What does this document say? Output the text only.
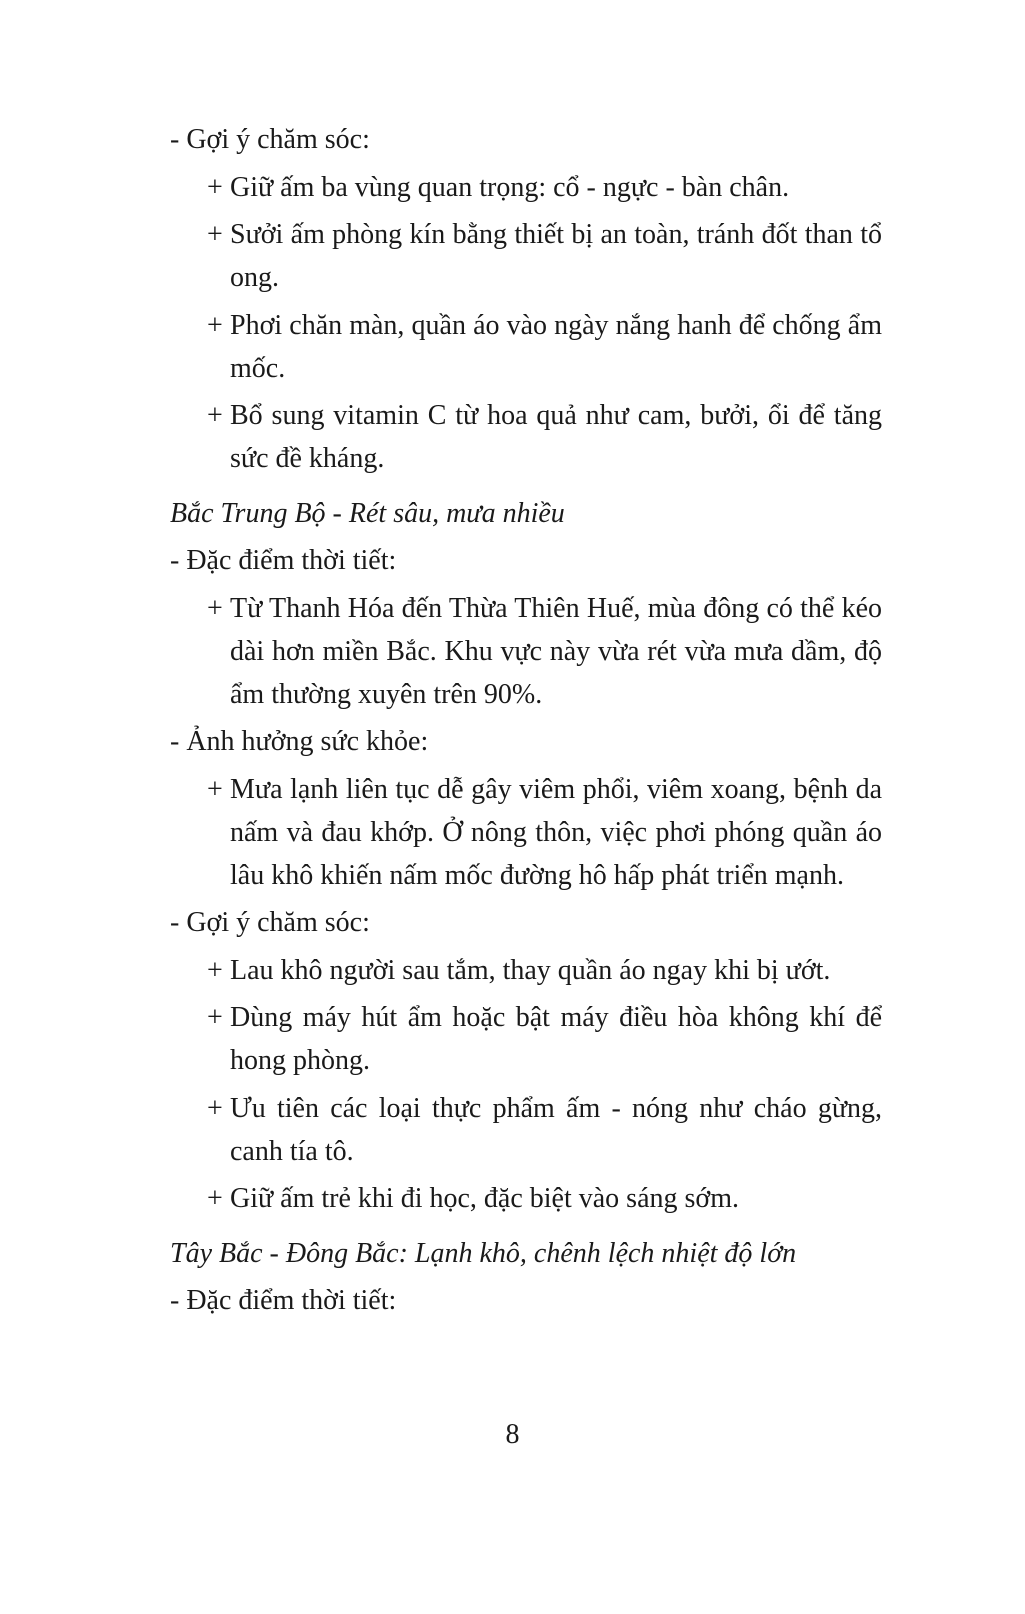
- Gợi ý chăm sóc:
+ Giữ ấm ba vùng quan trọng: cổ - ngực - bàn chân.
+ Sưởi ấm phòng kín bằng thiết bị an toàn, tránh đốt than tổ ong.
+ Phơi chăn màn, quần áo vào ngày nắng hanh để chống ẩm mốc.
+ Bổ sung vitamin C từ hoa quả như cam, bưởi, ổi để tăng sức đề kháng.
Bắc Trung Bộ - Rét sâu, mưa nhiều
- Đặc điểm thời tiết:
+ Từ Thanh Hóa đến Thừa Thiên Huế, mùa đông có thể kéo dài hơn miền Bắc. Khu vực này vừa rét vừa mưa dầm, độ ẩm thường xuyên trên 90%.
- Ảnh hưởng sức khỏe:
+ Mưa lạnh liên tục dễ gây viêm phổi, viêm xoang, bệnh da nấm và đau khớp. Ở nông thôn, việc phơi phóng quần áo lâu khô khiến nấm mốc đường hô hấp phát triển mạnh.
- Gợi ý chăm sóc:
+ Lau khô người sau tắm, thay quần áo ngay khi bị ướt.
+ Dùng máy hút ẩm hoặc bật máy điều hòa không khí để hong phòng.
+ Ưu tiên các loại thực phẩm ấm - nóng như cháo gừng, canh tía tô.
+ Giữ ấm trẻ khi đi học, đặc biệt vào sáng sớm.
Tây Bắc - Đông Bắc: Lạnh khô, chênh lệch nhiệt độ lớn
- Đặc điểm thời tiết:
8
